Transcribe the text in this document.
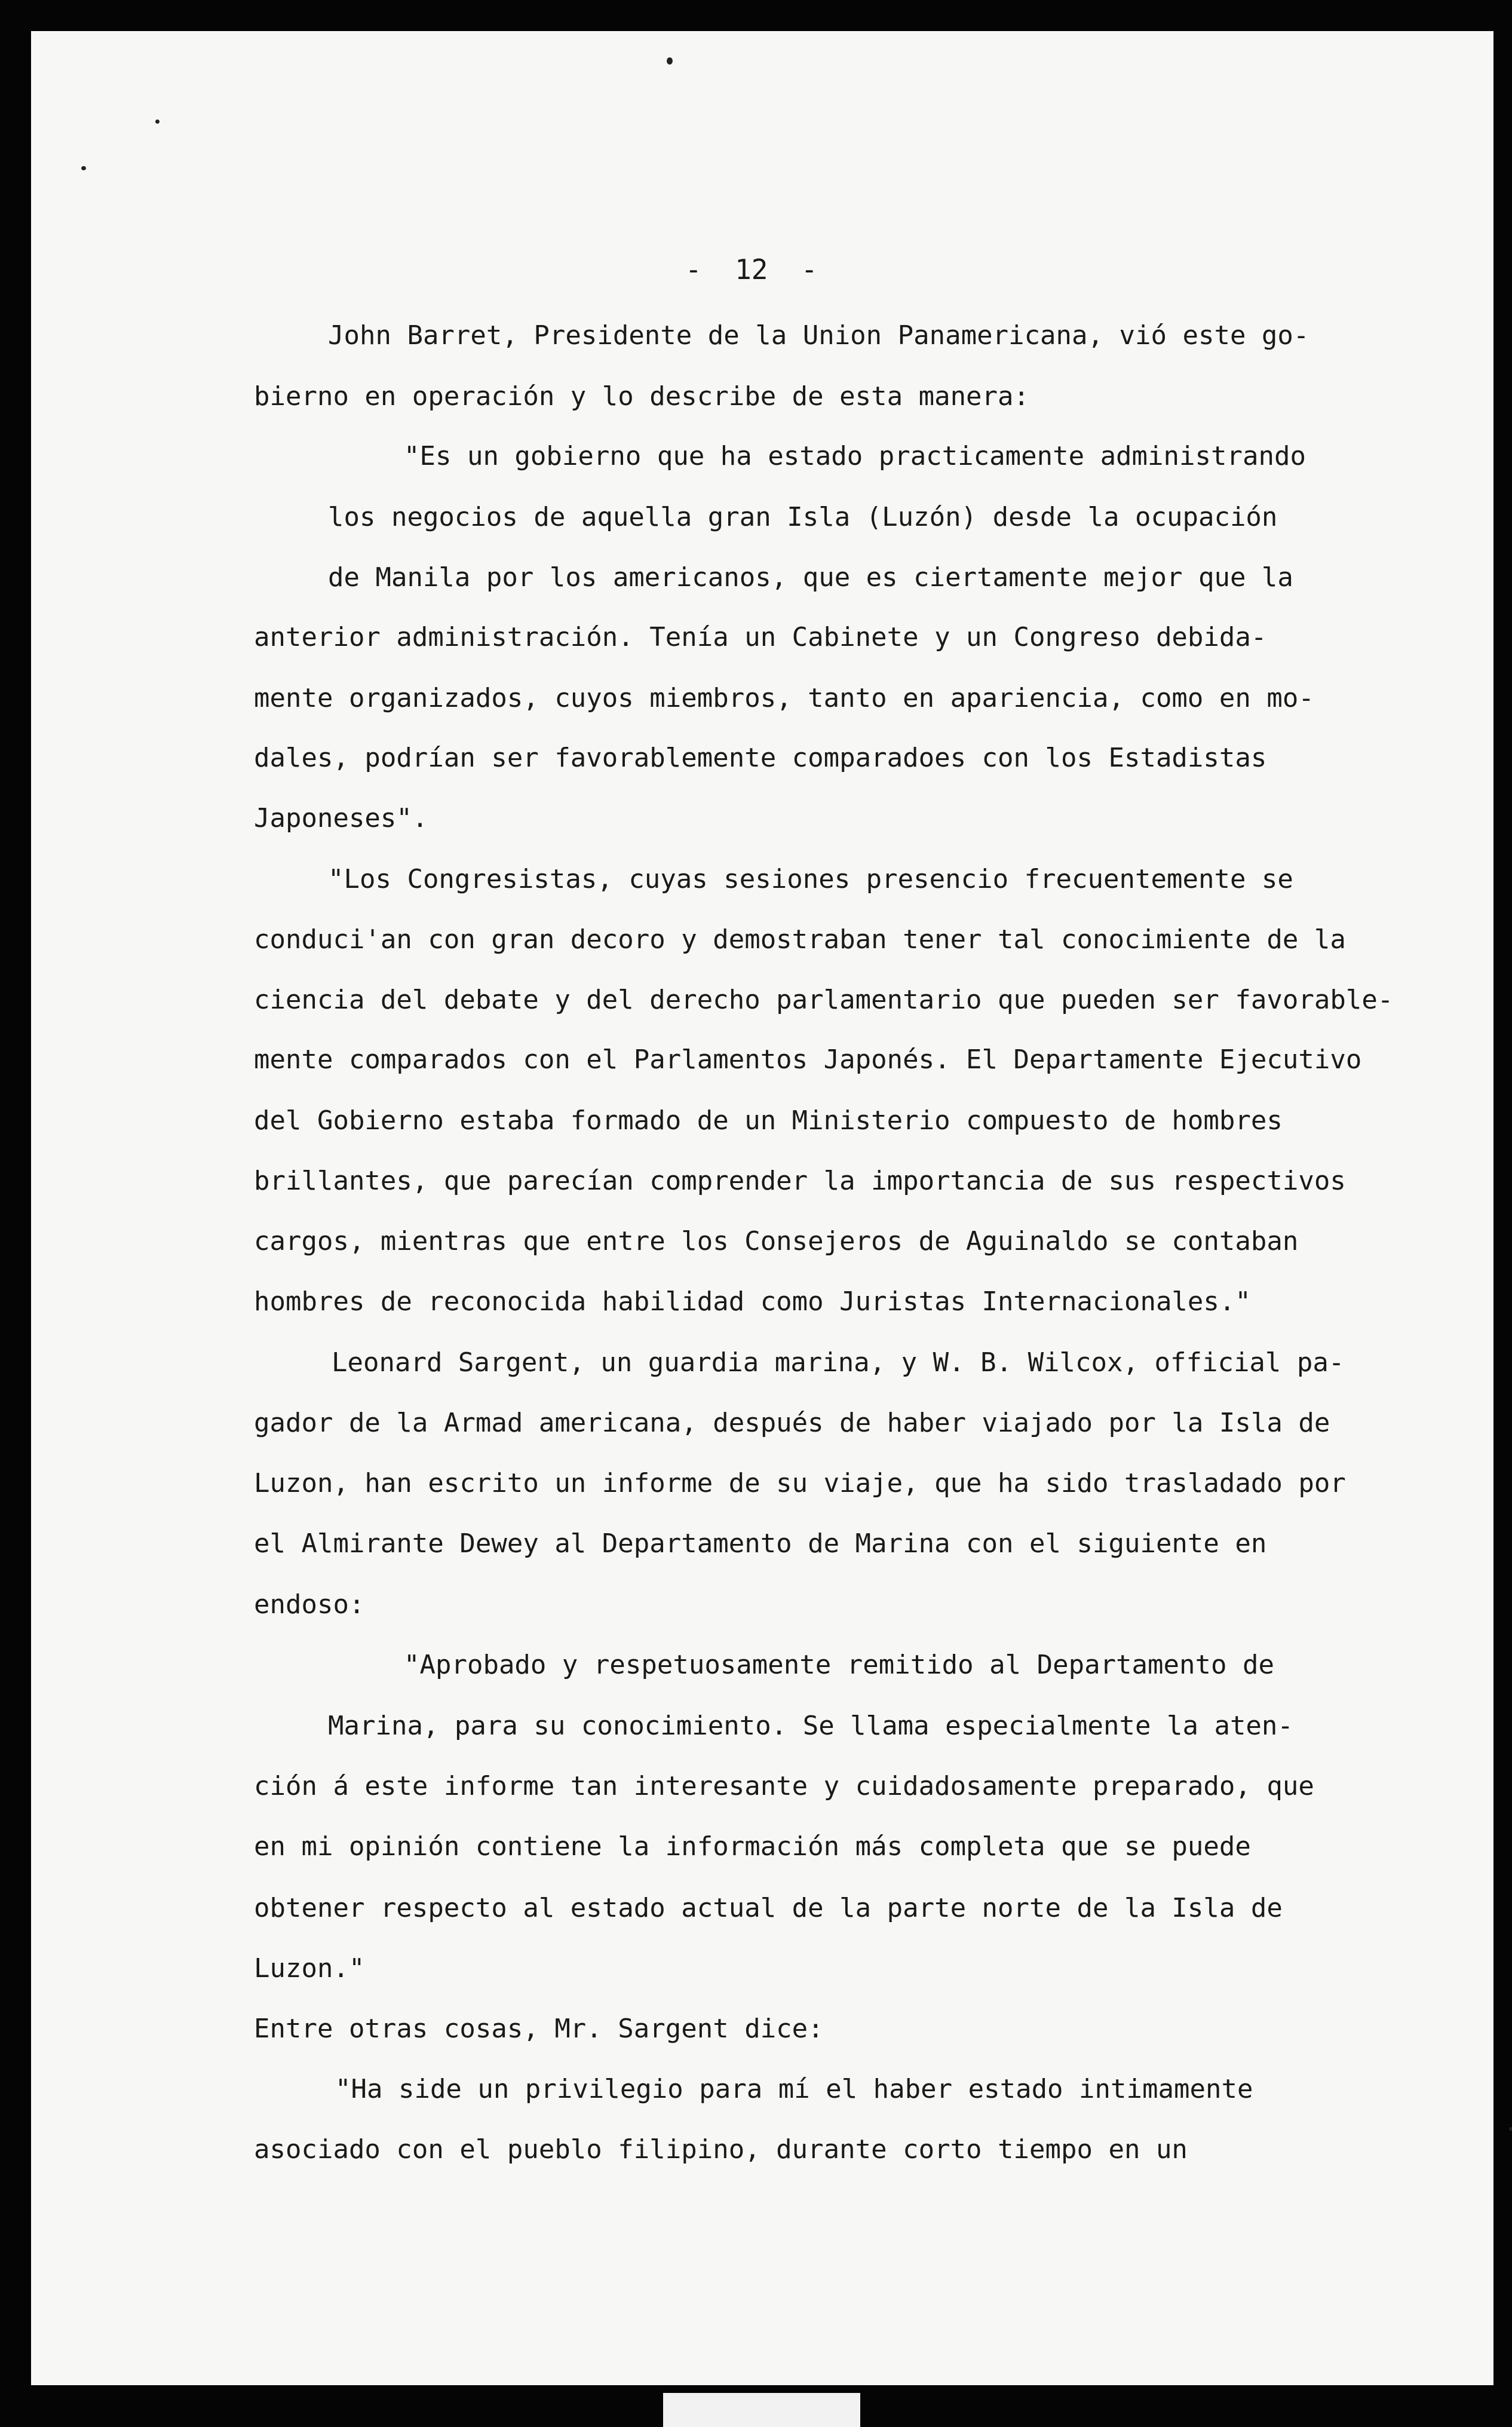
-  12  -
John Barret, Presidente de la Union Panamericana, vió este go-
bierno en operación y lo describe de esta manera:
"Es un gobierno que ha estado practicamente administrando
los negocios de aquella gran Isla (Luzón) desde la ocupación
de Manila por los americanos, que es ciertamente mejor que la
anterior administración. Tenía un Cabinete y un Congreso debida-
mente organizados, cuyos miembros, tanto en apariencia, como en mo-
dales, podrían ser favorablemente comparadoes con los Estadistas
Japoneses".
"Los Congresistas, cuyas sesiones presencio frecuentemente se
conduci'an con gran decoro y demostraban tener tal conocimiente de la
ciencia del debate y del derecho parlamentario que pueden ser favorable-
mente comparados con el Parlamentos Japonés. El Departamente Ejecutivo
del Gobierno estaba formado de un Ministerio compuesto de hombres
brillantes, que parecían comprender la importancia de sus respectivos
cargos, mientras que entre los Consejeros de Aguinaldo se contaban
hombres de reconocida habilidad como Juristas Internacionales."
Leonard Sargent, un guardia marina, y W. B. Wilcox, official pa-
gador de la Armad americana, después de haber viajado por la Isla de
Luzon, han escrito un informe de su viaje, que ha sido trasladado por
el Almirante Dewey al Departamento de Marina con el siguiente en
endoso:
"Aprobado y respetuosamente remitido al Departamento de
Marina, para su conocimiento. Se llama especialmente la aten-
ción á este informe tan interesante y cuidadosamente preparado, que
en mi opinión contiene la información más completa que se puede
obtener respecto al estado actual de la parte norte de la Isla de
Luzon."
Entre otras cosas, Mr. Sargent dice:
"Ha side un privilegio para mí el haber estado intimamente
asociado con el pueblo filipino, durante corto tiempo en un
